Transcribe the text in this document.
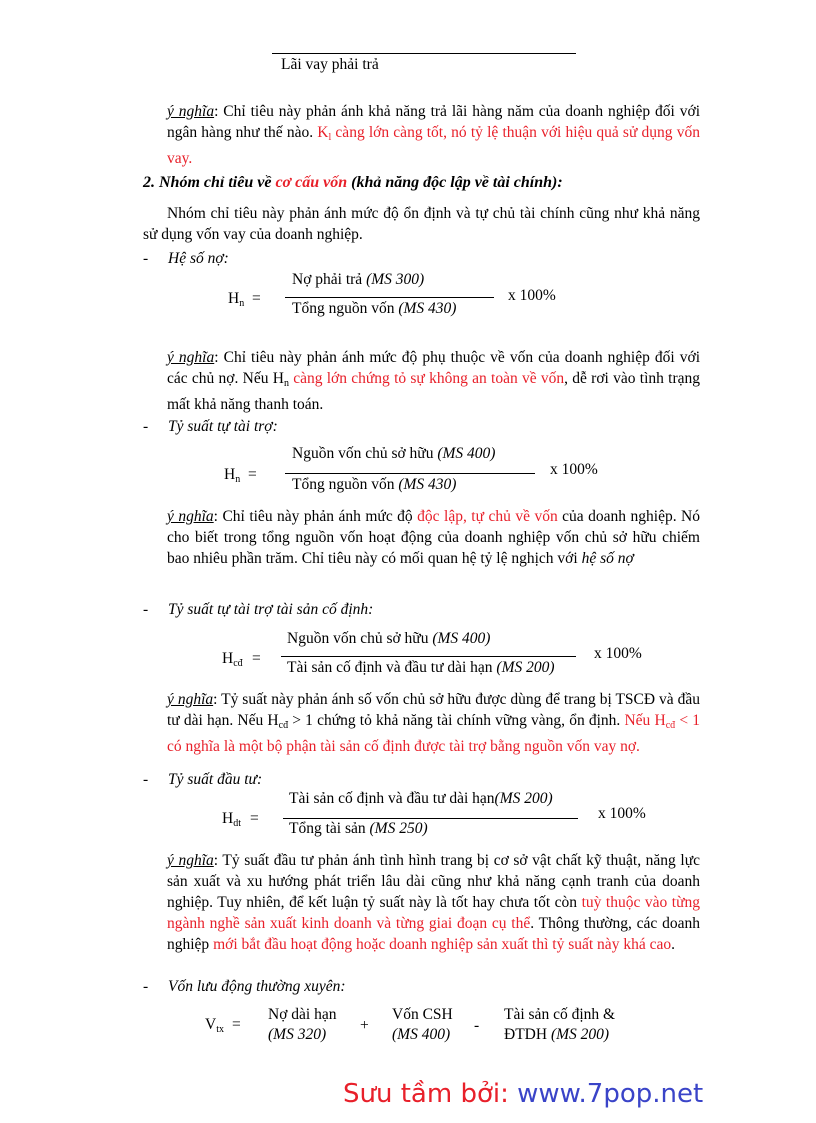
Lãi vay phải trả
ý nghĩa: Chỉ tiêu này phản ánh khả năng trả lãi hàng năm của doanh nghiệp đối với ngân hàng như thế nào. $K_l$ càng lớn càng tốt, nó tỷ lệ thuận với hiệu quả sử dụng vốn vay.
2. Nhóm chỉ tiêu về cơ cấu vốn (khả năng độc lập về tài chính):
Nhóm chỉ tiêu này phản ánh mức độ ổn định và tự chủ tài chính cũng như khả năng sử dụng vốn vay của doanh nghiệp.
- Hệ số nợ:
$H_n$ =
Nợ phải trả (MS 300)
Tổng nguồn vốn (MS 430)
x 100%
ý nghĩa: Chỉ tiêu này phản ánh mức độ phụ thuộc về vốn của doanh nghiệp đối với các chủ nợ. Nếu $H_n$ càng lớn chứng tỏ sự không an toàn về vốn, dễ rơi vào tình trạng mất khả năng thanh toán.
- Tỷ suất tự tài trợ:
$H_n$ =
Nguồn vốn chủ sở hữu (MS 400)
Tổng nguồn vốn (MS 430)
x 100%
ý nghĩa: Chỉ tiêu này phản ánh mức độ độc lập, tự chủ về vốn của doanh nghiệp. Nó cho biết trong tổng nguồn vốn hoạt động của doanh nghiệp vốn chủ sở hữu chiếm bao nhiêu phần trăm. Chỉ tiêu này có mối quan hệ tỷ lệ nghịch với hệ số nợ
- Tỷ suất tự tài trợ tài sản cố định:
$H_{cđ}$ =
Nguồn vốn chủ sở hữu (MS 400)
Tài sản cố định và đầu tư dài hạn (MS 200)
x 100%
ý nghĩa: Tỷ suất này phản ánh số vốn chủ sở hữu được dùng để trang bị TSCĐ và đầu tư dài hạn. Nếu $H_{cđ} > 1$ chứng tỏ khả năng tài chính vững vàng, ổn định. Nếu $H_{cđ} < 1$ có nghĩa là một bộ phận tài sản cố định được tài trợ bằng nguồn vốn vay nợ.
- Tỷ suất đầu tư:
$H_{dt}$ =
Tài sản cố định và đầu tư dài hạn(MS 200)
Tổng tài sản (MS 250)
x 100%
ý nghĩa: Tỷ suất đầu tư phản ánh tình hình trang bị cơ sở vật chất kỹ thuật, năng lực sản xuất và xu hướng phát triển lâu dài cũng như khả năng cạnh tranh của doanh nghiệp. Tuy nhiên, để kết luận tỷ suất này là tốt hay chưa tốt còn tuỳ thuộc vào từng ngành nghề sản xuất kinh doanh và từng giai đoạn cụ thể. Thông thường, các doanh nghiệp mới bắt đầu hoạt động hoặc doanh nghiệp sản xuất thì tỷ suất này khá cao.
- Vốn lưu động thường xuyên:
$V_{tx}$ =
Nợ dài hạn
(MS 320)
+
Vốn CSH
(MS 400)
-
Tài sản cố định &
ĐTDH (MS 200)
Sưu tầm bởi: www.7pop.net
